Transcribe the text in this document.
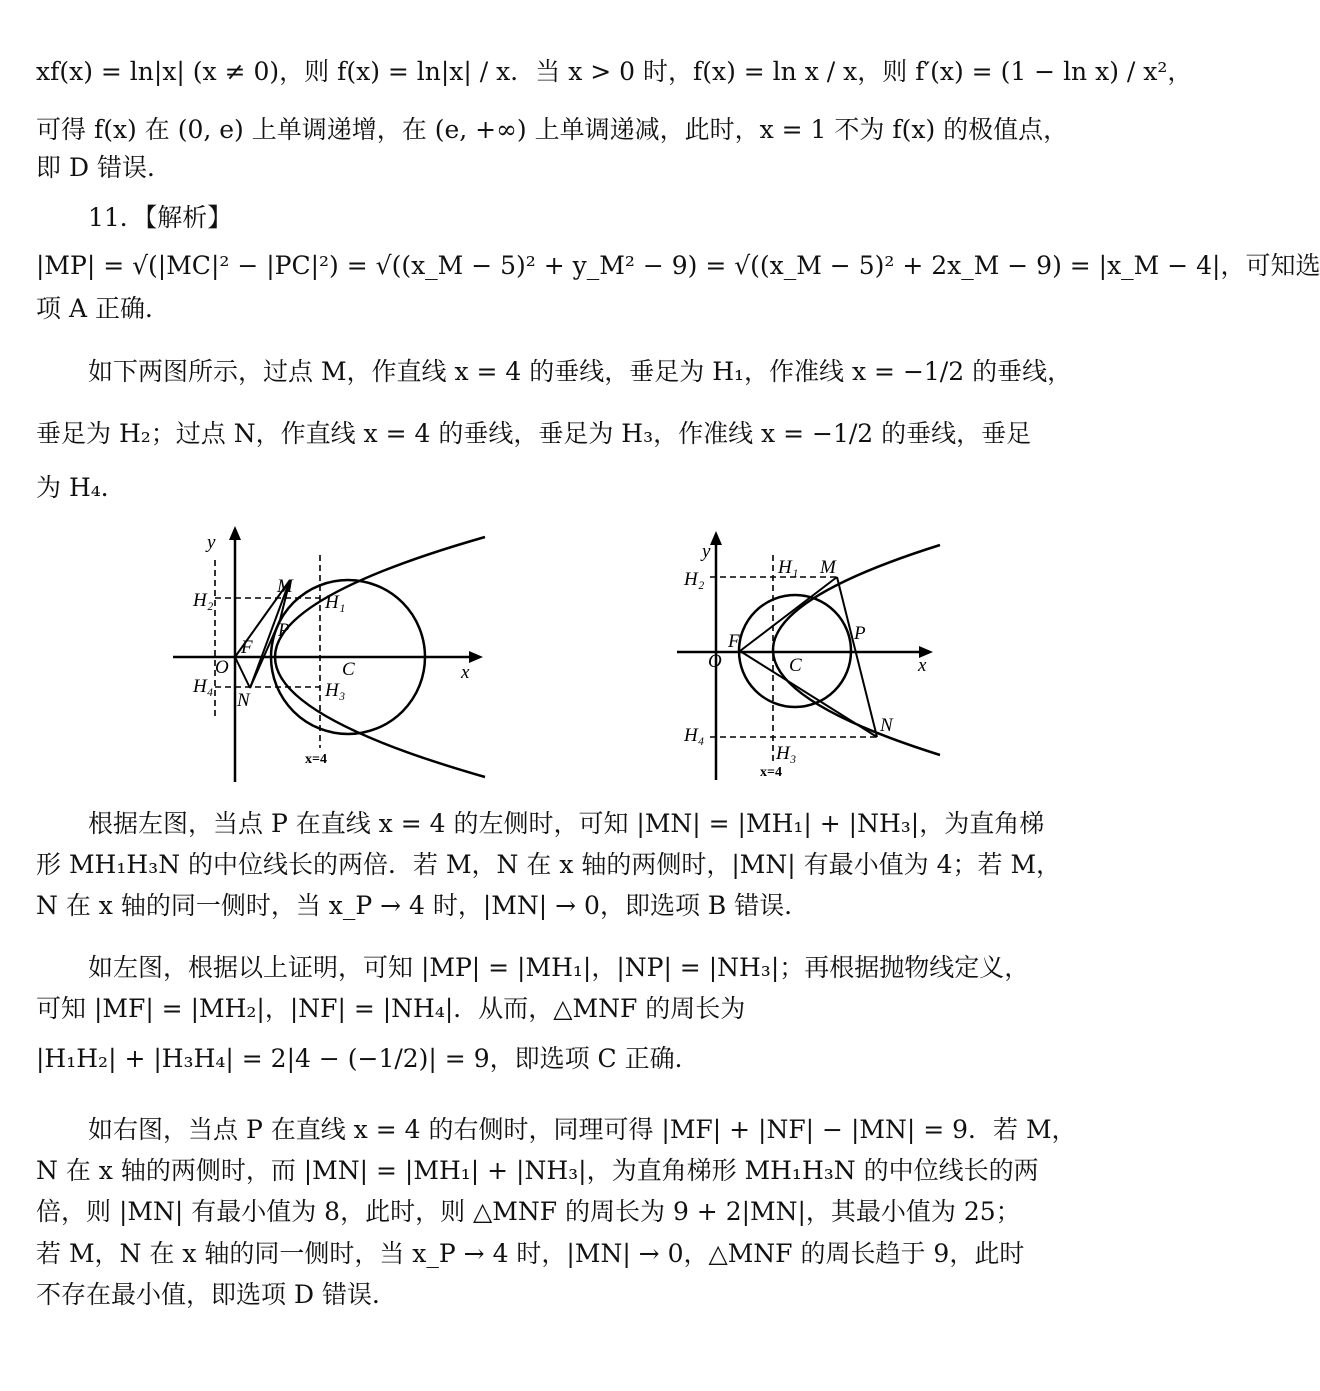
xf(x) = ln|x| (x ≠ 0)，则 f(x) = ln|x| / x．当 x > 0 时，f(x) = ln x / x，则 f′(x) = (1 − ln x) / x²，
可得 f(x) 在 (0, e) 上单调递增，在 (e, +∞) 上单调递减，此时，x = 1 不为 f(x) 的极值点，
即 D 错误．
11．【解析】
|MP| = √(|MC|² − |PC|²) = √((x_M − 5)² + y_M² − 9) = √((x_M − 5)² + 2x_M − 9) = |x_M − 4|，可知选
项 A 正确．
如下两图所示，过点 M，作直线 x = 4 的垂线，垂足为 H₁，作准线 x = −1/2 的垂线，
垂足为 H₂；过点 N，作直线 x = 4 的垂线，垂足为 H₃，作准线 x = −1/2 的垂线，垂足
为 H₄．
y
x
O
F
M
N
P
C
H₁
H₂
H₃
H₄
x=4
y
x
O
F
M
N
P
C
H₁
H₂
H₃
H₄
x=4
根据左图，当点 P 在直线 x = 4 的左侧时，可知 |MN| = |MH₁| + |NH₃|，为直角梯
形 MH₁H₃N 的中位线长的两倍．若 M，N 在 x 轴的两侧时，|MN| 有最小值为 4；若 M，
N 在 x 轴的同一侧时，当 x_P → 4 时，|MN| → 0，即选项 B 错误．
如左图，根据以上证明，可知 |MP| = |MH₁|，|NP| = |NH₃|；再根据抛物线定义，
可知 |MF| = |MH₂|，|NF| = |NH₄|．从而，△MNF 的周长为
|H₁H₂| + |H₃H₄| = 2|4 − (−1/2)| = 9，即选项 C 正确．
如右图，当点 P 在直线 x = 4 的右侧时，同理可得 |MF| + |NF| − |MN| = 9．若 M，
N 在 x 轴的两侧时，而 |MN| = |MH₁| + |NH₃|，为直角梯形 MH₁H₃N 的中位线长的两
倍，则 |MN| 有最小值为 8，此时，则 △MNF 的周长为 9 + 2|MN|，其最小值为 25；
若 M，N 在 x 轴的同一侧时，当 x_P → 4 时，|MN| → 0，△MNF 的周长趋于 9，此时
不存在最小值，即选项 D 错误．
